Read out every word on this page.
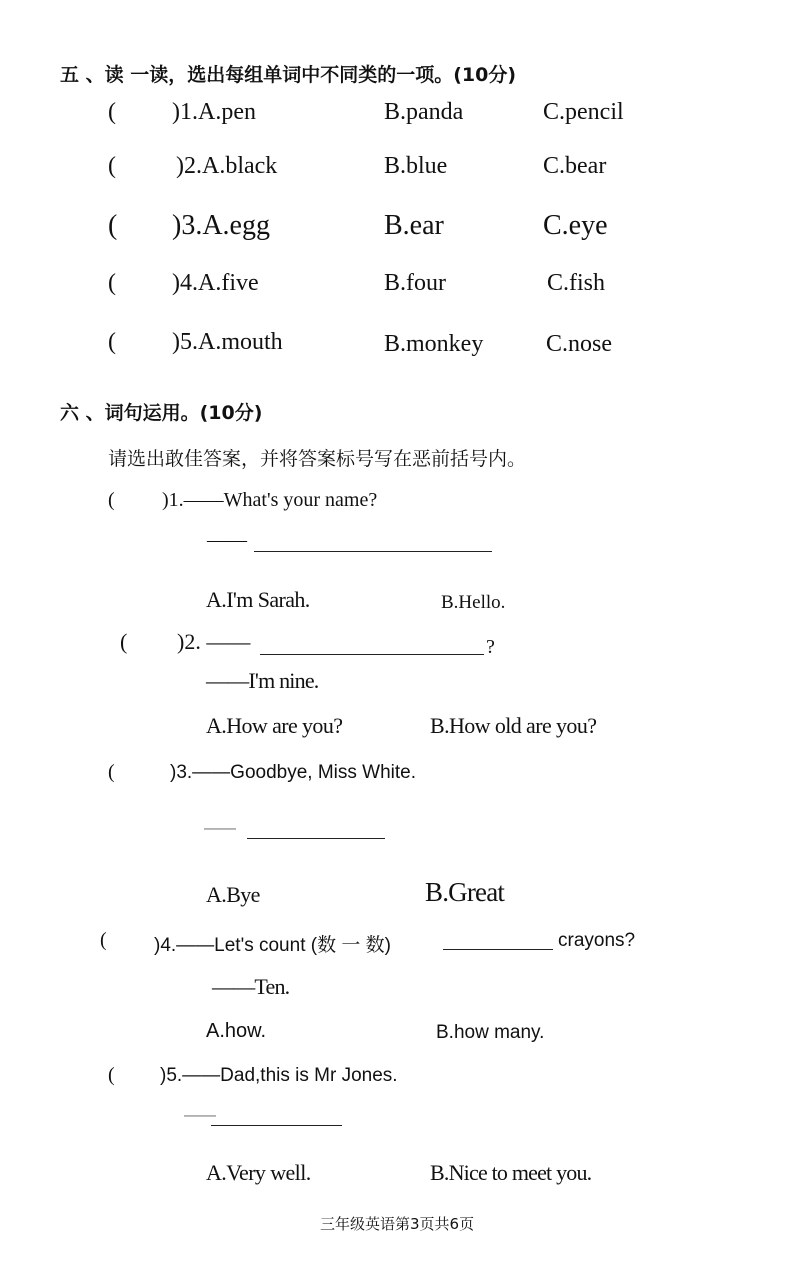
五 、读 一读，选出每组单词中不同类的一项。(10分)
( )1.A.pen	B.panda	C.pencil
(	)2.A.black	B.blue	C.bear
( )3.A.egg	B.ear	C.eye
( )4.A.five	B.four	C.fish
( )5.A.mouth	B.monkey	C.nose
六 、词句运用。(10分)
请选出敢佳答案，并将答案标号写在恶前括号内。
( )1.——What's your name?
——
A.I'm Sarah.	B.Hello.
( )2. ——	?
——I'm nine.
A.How are you?	B.How old are you?
(	)3.——Goodbye, Miss White.
——
A.Bye	B.Great
( )4.——Let's count (数 一 数)	crayons?
——Ten.
A.how.	B.how many.
( )5.——Dad,this is Mr Jones.
——
A.Very well.	B.Nice to meet you.
三年级英语第3页共6页
